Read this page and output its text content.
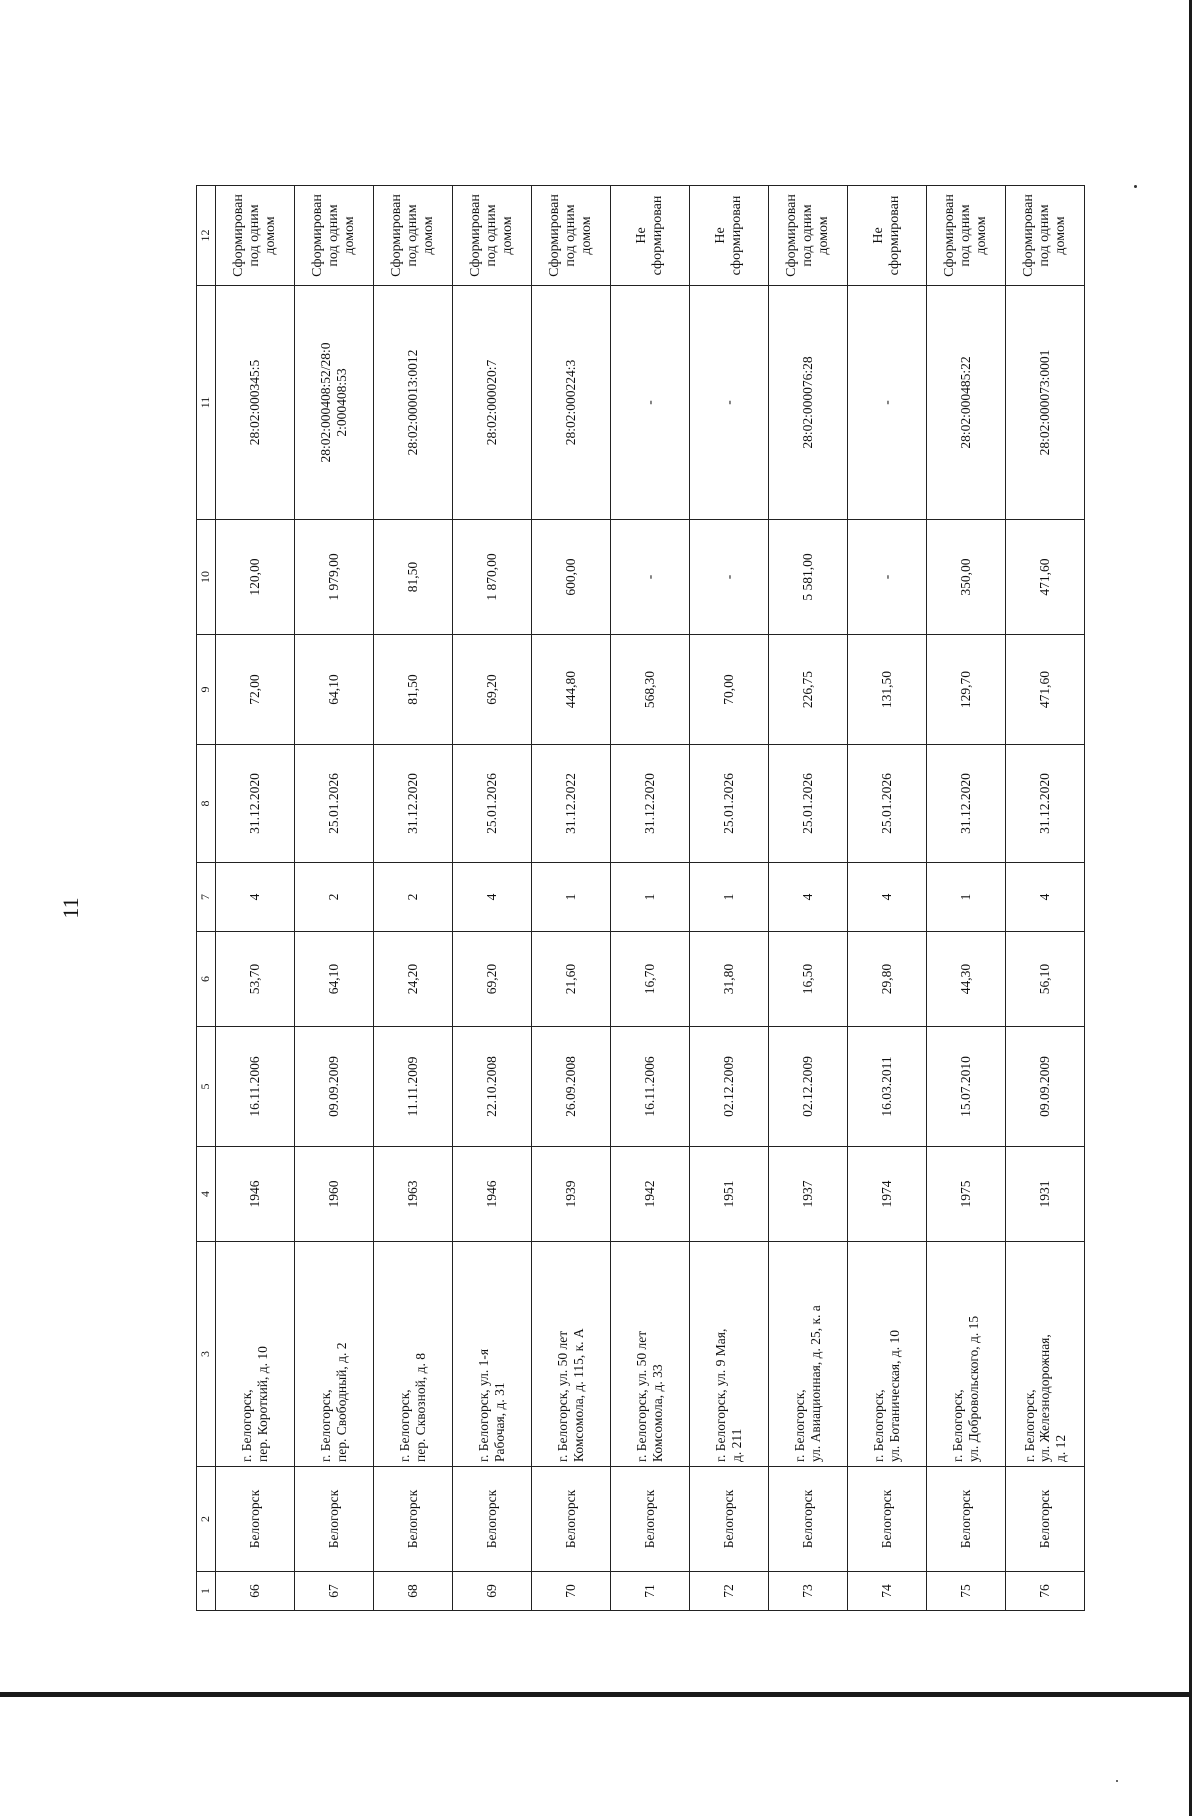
11
1	2	3	4	5	6	7	8	9	10	11	12
66	Белогорск	г. Белогорск,
пер. Короткий, д. 10	1946	16.11.2006	53,70	4	31.12.2020	72,00	120,00	28:02:000345:5	Сформирован
под одним
домом
67	Белогорск	г. Белогорск,
пер. Свободный, д. 2	1960	09.09.2009	64,10	2	25.01.2026	64,10	1 979,00	28:02:000408:52/28:0
2:000408:53	Сформирован
под одним
домом
68	Белогорск	г. Белогорск,
пер. Сквозной, д. 8	1963	11.11.2009	24,20	2	31.12.2020	81,50	81,50	28:02:000013:0012	Сформирован
под одним
домом
69	Белогорск	г. Белогорск, ул. 1-я
Рабочая, д. 31	1946	22.10.2008	69,20	4	25.01.2026	69,20	1 870,00	28:02:000020:7	Сформирован
под одним
домом
70	Белогорск	г. Белогорск, ул. 50 лет
Комсомола, д. 115, к. А	1939	26.09.2008	21,60	1	31.12.2022	444,80	600,00	28:02:000224:3	Сформирован
под одним
домом
71	Белогорск	г. Белогорск, ул. 50 лет
Комсомола, д. 33	1942	16.11.2006	16,70	1	31.12.2020	568,30	-	-	Не
сформирован
72	Белогорск	г. Белогорск, ул. 9 Мая,
д. 211	1951	02.12.2009	31,80	1	25.01.2026	70,00	-	-	Не
сформирован
73	Белогорск	г. Белогорск,
ул. Авиационная, д. 25, к. а	1937	02.12.2009	16,50	4	25.01.2026	226,75	5 581,00	28:02:000076:28	Сформирован
под одним
домом
74	Белогорск	г. Белогорск,
ул. Ботаническая, д. 10	1974	16.03.2011	29,80	4	25.01.2026	131,50	-	-	Не
сформирован
75	Белогорск	г. Белогорск,
ул. Добровольского, д. 15	1975	15.07.2010	44,30	1	31.12.2020	129,70	350,00	28:02:000485:22	Сформирован
под одним
домом
76	Белогорск	г. Белогорск,
ул. Железнодорожная,
д. 12	1931	09.09.2009	56,10	4	31.12.2020	471,60	471,60	28:02:000073:0001	Сформирован
под одним
домом
